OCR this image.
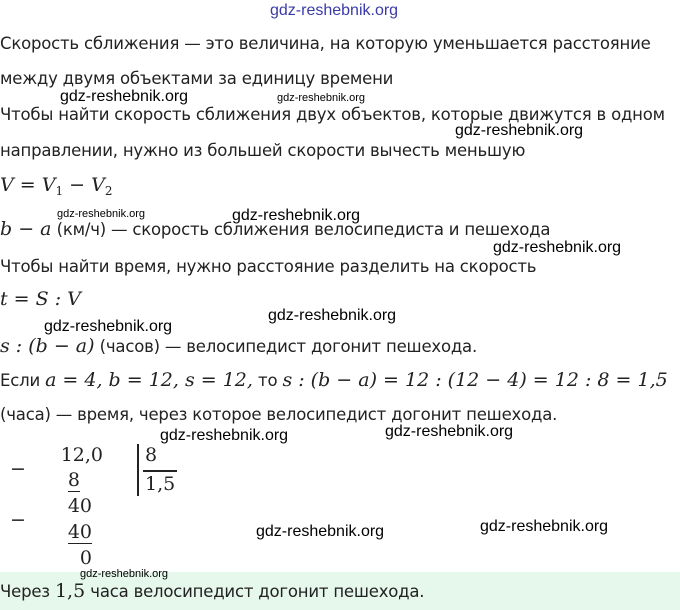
gdz-reshebnik.org
Скорость сближения — это величина, на которую уменьшается расстояние
между двумя объектами за единицу времени
Чтобы найти скорость сближения двух объектов, которые движутся в одном
направлении, нужно из большей скорости вычесть меньшую
$V = V_1 - V_2$
b − a (км/ч) — скорость сближения велосипедиста и пешехода
Чтобы найти время, нужно расстояние разделить на скорость
t = S : V
s : (b − a) (часов) — велосипедист догонит пешехода.
Если a = 4, b = 12, s = 12, то s : (b − a) = 12 : (12 − 4) = 12 : 8 = 1,5
(часа) — время, через которое велосипедист догонит пешехода.
−
12,0
8
40
−
40
0
8
1,5
Через 1,5 часа велосипедист догонит пешехода.
gdz-reshebnik.org
gdz-reshebnik.org
gdz-reshebnik.org
gdz-reshebnik.org
gdz-reshebnik.org
gdz-reshebnik.org
gdz-reshebnik.org	gdz-reshebnik.org
gdz-reshebnik.org	gdz-reshebnik.org
gdz-reshebnik.org
gdz-reshebnik.org
gdz-reshebnik.org
